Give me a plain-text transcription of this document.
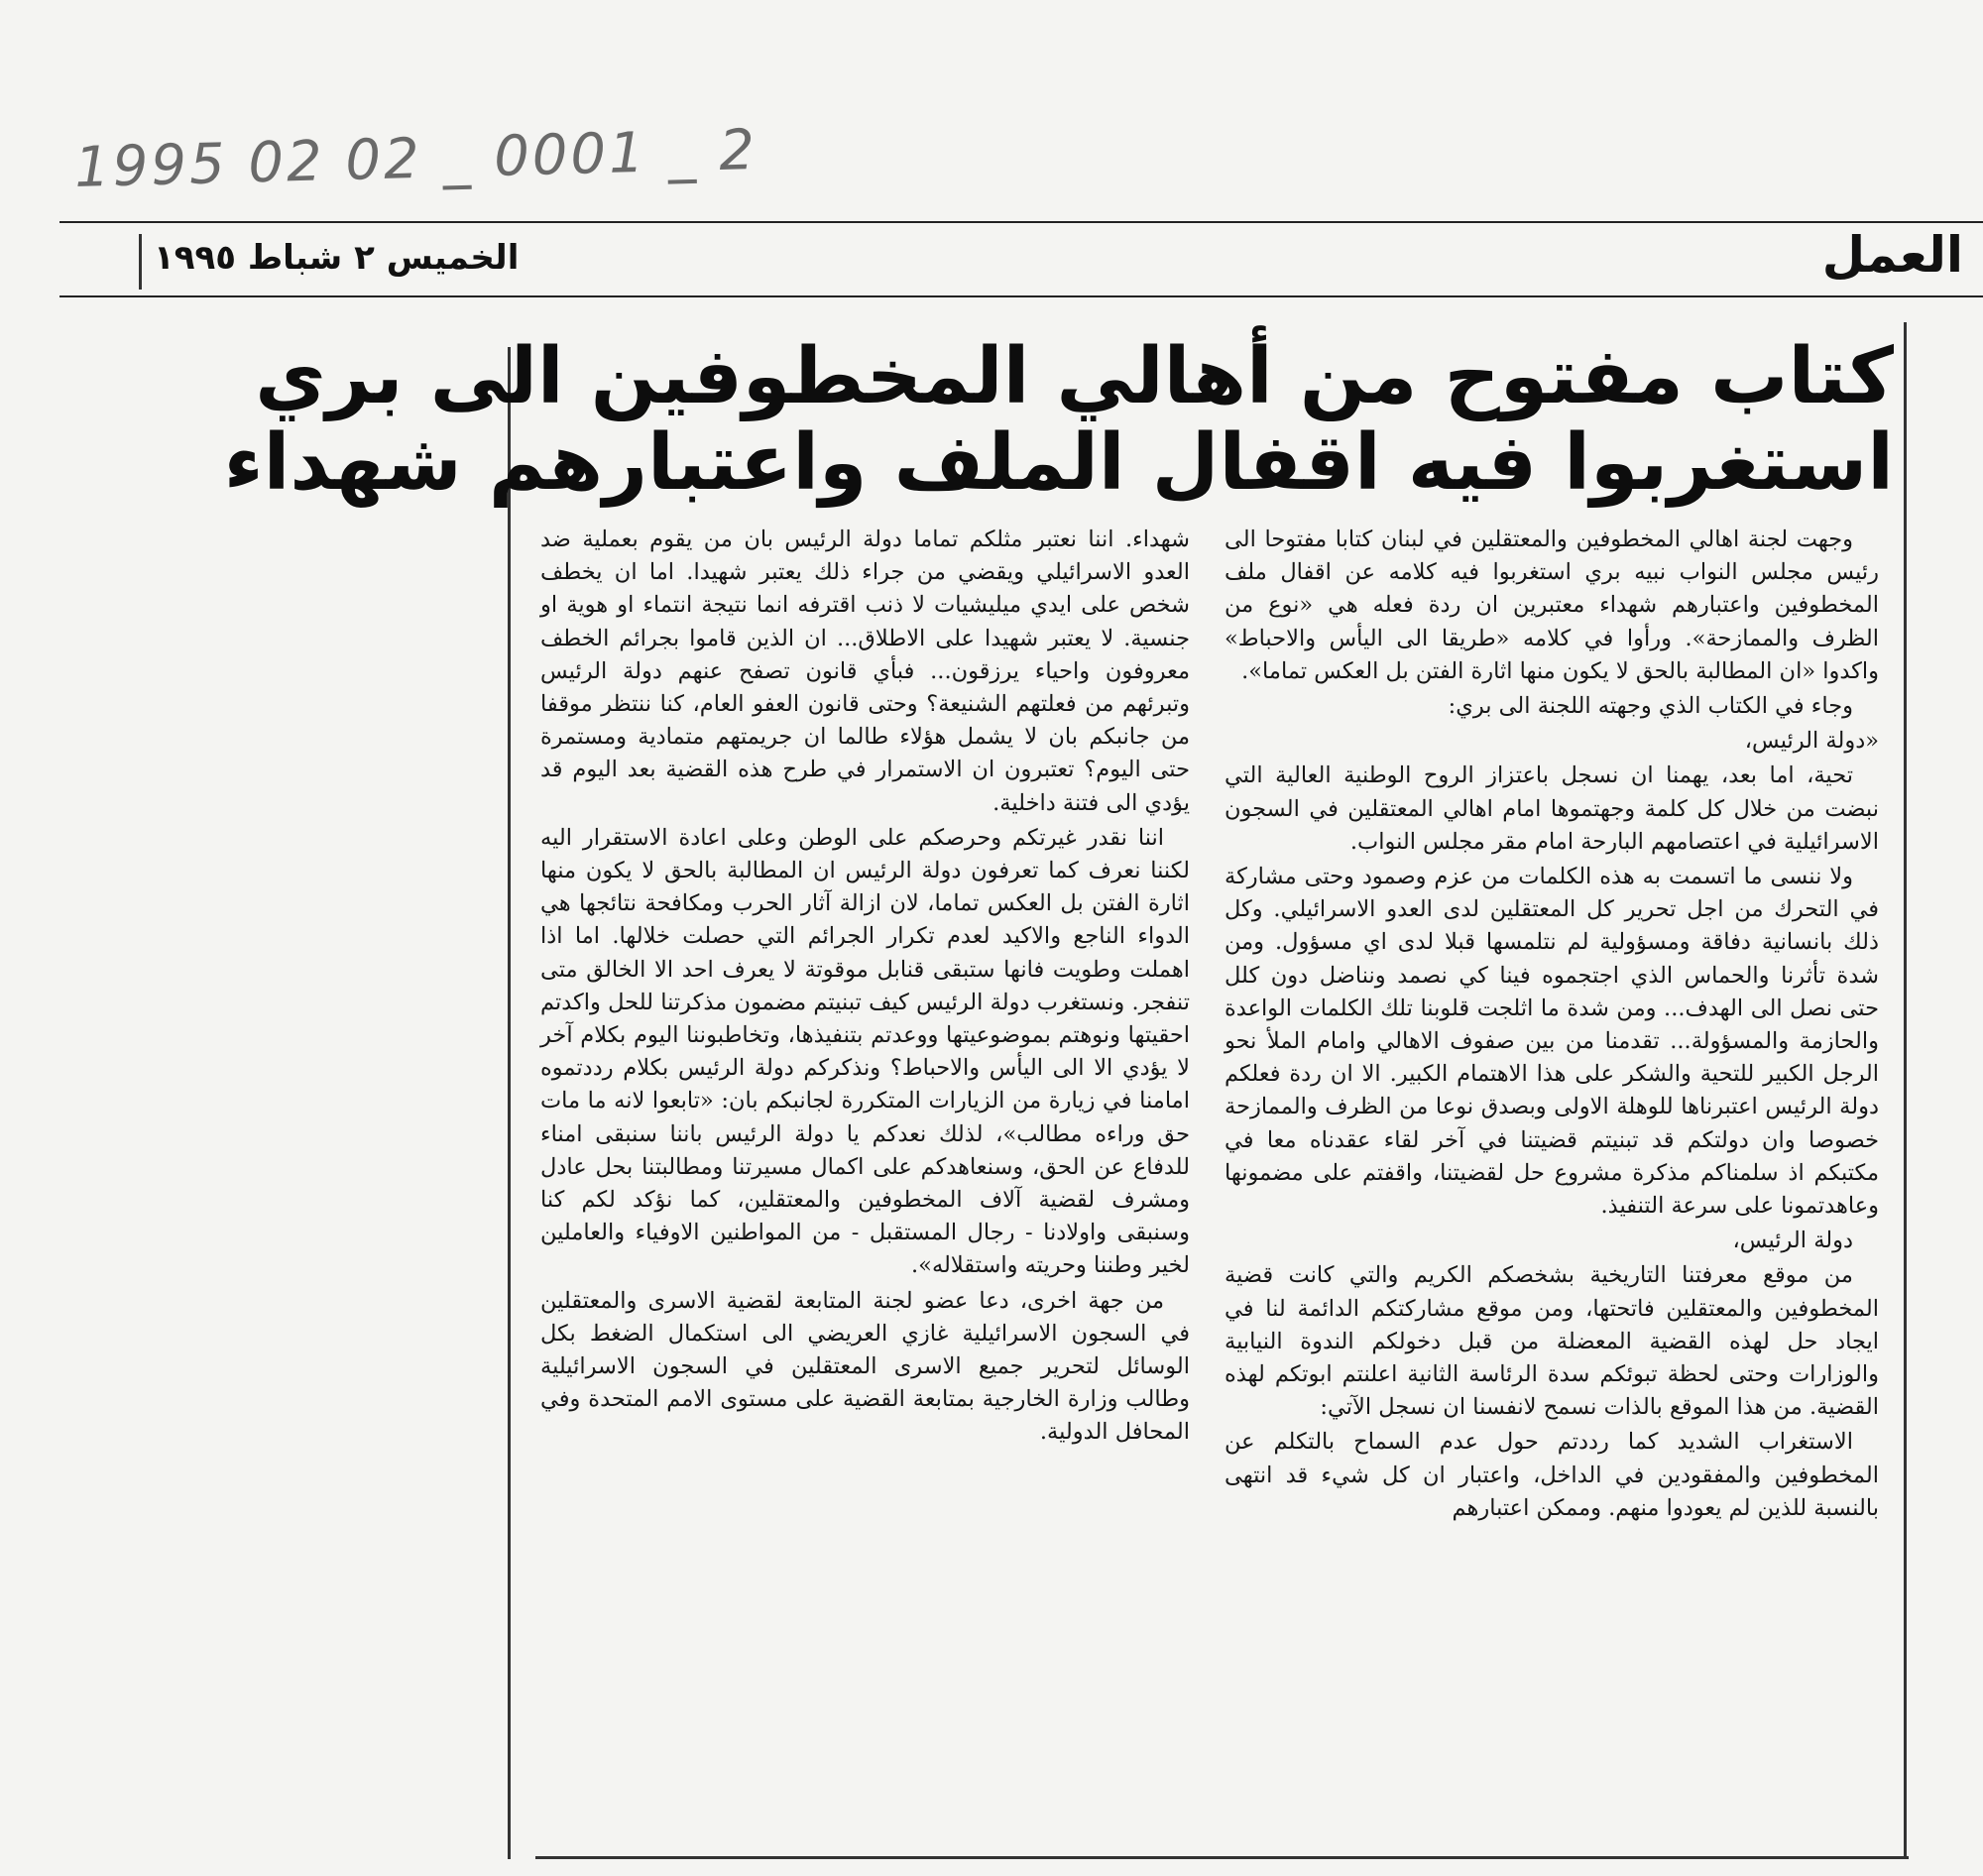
1995 02 02 _ 0001 _ 2
العمل
الخميس ٢ شباط ١٩٩٥
كتاب مفتوح من أهالي المخطوفين الى بري
استغربوا فيه اقفال الملف واعتبارهم شهداء

وجهت لجنة اهالي المخطوفين والمعتقلين في لبنان كتابا مفتوحا الى رئيس مجلس النواب نبيه بري استغربوا فيه كلامه عن اقفال ملف المخطوفين واعتبارهم شهداء معتبرين ان ردة فعله هي «نوع من الظرف والممازحة». ورأوا في كلامه «طريقا الى اليأس والاحباط» واكدوا «ان المطالبة بالحق لا يكون منها اثارة الفتن بل العكس تماما».

وجاء في الكتاب الذي وجهته اللجنة الى بري:

«دولة الرئيس،

تحية، اما بعد، يهمنا ان نسجل باعتزاز الروح الوطنية العالية التي نبضت من خلال كل كلمة وجهتموها امام اهالي المعتقلين في السجون الاسرائيلية في اعتصامهم البارحة امام مقر مجلس النواب.

ولا ننسى ما اتسمت به هذه الكلمات من عزم وصمود وحتى مشاركة في التحرك من اجل تحرير كل المعتقلين لدى العدو الاسرائيلي. وكل ذلك بانسانية دفاقة ومسؤولية لم نتلمسها قبلا لدى اي مسؤول. ومن شدة تأثرنا والحماس الذي اجتجموه فينا كي نصمد ونناضل دون كلل حتى نصل الى الهدف... ومن شدة ما اثلجت قلوبنا تلك الكلمات الواعدة والحازمة والمسؤولة... تقدمنا من بين صفوف الاهالي وامام الملأ نحو الرجل الكبير للتحية والشكر على هذا الاهتمام الكبير. الا ان ردة فعلكم دولة الرئيس اعتبرناها للوهلة الاولى وبصدق نوعا من الظرف والممازحة خصوصا وان دولتكم قد تبنيتم قضيتنا في آخر لقاء عقدناه معا في مكتبكم اذ سلمناكم مذكرة مشروع حل لقضيتنا، واقفتم على مضمونها وعاهدتمونا على سرعة التنفيذ.

دولة الرئيس،

من موقع معرفتنا التاريخية بشخصكم الكريم والتي كانت قضية المخطوفين والمعتقلين فاتحتها، ومن موقع مشاركتكم الدائمة لنا في ايجاد حل لهذه القضية المعضلة من قبل دخولكم الندوة النيابية والوزارات وحتى لحظة تبوئكم سدة الرئاسة الثانية اعلنتم ابوتكم لهذه القضية. من هذا الموقع بالذات نسمح لانفسنا ان نسجل الآتي:

الاستغراب الشديد كما رددتم حول عدم السماح بالتكلم عن المخطوفين والمفقودين في الداخل، واعتبار ان كل شيء قد انتهى بالنسبة للذين لم يعودوا منهم. وممكن اعتبارهم

شهداء. اننا نعتبر مثلكم تماما دولة الرئيس بان من يقوم بعملية ضد العدو الاسرائيلي ويقضي من جراء ذلك يعتبر شهيدا. اما ان يخطف شخص على ايدي ميليشيات لا ذنب اقترفه انما نتيجة انتماء او هوية او جنسية. لا يعتبر شهيدا على الاطلاق... ان الذين قاموا بجرائم الخطف معروفون واحياء يرزقون... فبأي قانون تصفح عنهم دولة الرئيس وتبرئهم من فعلتهم الشنيعة؟ وحتى قانون العفو العام، كنا ننتظر موقفا من جانبكم بان لا يشمل هؤلاء طالما ان جريمتهم متمادية ومستمرة حتى اليوم؟ تعتبرون ان الاستمرار في طرح هذه القضية بعد اليوم قد يؤدي الى فتنة داخلية.

اننا نقدر غيرتكم وحرصكم على الوطن وعلى اعادة الاستقرار اليه لكننا نعرف كما تعرفون دولة الرئيس ان المطالبة بالحق لا يكون منها اثارة الفتن بل العكس تماما، لان ازالة آثار الحرب ومكافحة نتائجها هي الدواء الناجع والاكيد لعدم تكرار الجرائم التي حصلت خلالها. اما اذا اهملت وطويت فانها ستبقى قنابل موقوتة لا يعرف احد الا الخالق متى تنفجر. ونستغرب دولة الرئيس كيف تبنيتم مضمون مذكرتنا للحل واكدتم احقيتها ونوهتم بموضوعيتها ووعدتم بتنفيذها، وتخاطبوننا اليوم بكلام آخر لا يؤدي الا الى اليأس والاحباط؟ ونذكركم دولة الرئيس بكلام رددتموه امامنا في زيارة من الزيارات المتكررة لجانبكم بان: «تابعوا لانه ما مات حق وراءه مطالب»، لذلك نعدكم يا دولة الرئيس باننا سنبقى امناء للدفاع عن الحق، وسنعاهدكم على اكمال مسيرتنا ومطالبتنا بحل عادل ومشرف لقضية آلاف المخطوفين والمعتقلين، كما نؤكد لكم كنا وسنبقى واولادنا - رجال المستقبل - من المواطنين الاوفياء والعاملين لخير وطننا وحريته واستقلاله».

من جهة اخرى، دعا عضو لجنة المتابعة لقضية الاسرى والمعتقلين في السجون الاسرائيلية غازي العريضي الى استكمال الضغط بكل الوسائل لتحرير جميع الاسرى المعتقلين في السجون الاسرائيلية وطالب وزارة الخارجية بمتابعة القضية على مستوى الامم المتحدة وفي المحافل الدولية.
